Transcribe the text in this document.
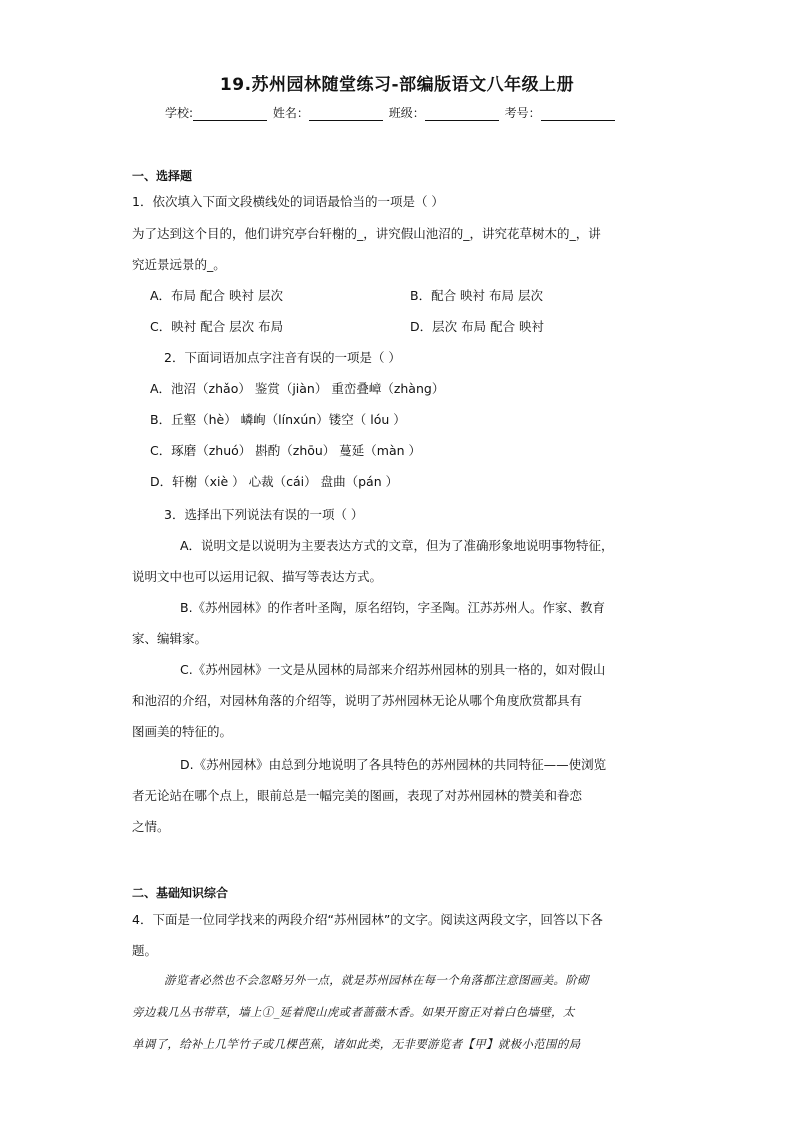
19.苏州园林随堂练习-部编版语文八年级上册
学校:	姓名：	班级：	考号：
一、选择题
1．依次填入下面文段横线处的词语最恰当的一项是（ ）
为了达到这个目的，他们讲究亭台轩榭的_，讲究假山池沼的_，讲究花草树木的_，讲
究近景远景的_。
A．布局 配合 映衬 层次	B．配合 映衬 布局 层次
C．映衬 配合 层次 布局	D．层次 布局 配合 映衬
2．下面词语加点字注音有误的一项是（ ）
A．池沼（zhǎo） 鉴赏（jiàn） 重峦叠嶂（zhàng）
B．丘壑（hè） 嶙峋（línxún）镂空（ lóu ）
C．琢磨（zhuó） 斟酌（zhōu） 蔓延（màn ）
D．轩榭（xiè ） 心裁（cái） 盘曲（pán ）
3．选择出下列说法有误的一项（ ）
A．说明文是以说明为主要表达方式的文章，但为了准确形象地说明事物特征，
说明文中也可以运用记叙、描写等表达方式。
B.《苏州园林》的作者叶圣陶，原名绍钧，字圣陶。江苏苏州人。作家、教育
家、编辑家。
C.《苏州园林》一文是从园林的局部来介绍苏州园林的别具一格的，如对假山
和池沼的介绍，对园林角落的介绍等，说明了苏州园林无论从哪个角度欣赏都具有
图画美的特征的。
D.《苏州园林》由总到分地说明了各具特色的苏州园林的共同特征——使浏览
者无论站在哪个点上，眼前总是一幅完美的图画，表现了对苏州园林的赞美和眷恋
之情。
二、基础知识综合
4．下面是一位同学找来的两段介绍“苏州园林”的文字。阅读这两段文字，回答以下各
题。
游览者必然也不会忽略另外一点，就是苏州园林在每一个角落都注意图画美。阶砌
旁边栽几丛书带草，墙上①_延着爬山虎或者蔷薇木香。如果开窗正对着白色墙壁，太
单调了，给补上几竿竹子或几棵芭蕉，诸如此类，无非要游览者【甲】就极小范围的局
